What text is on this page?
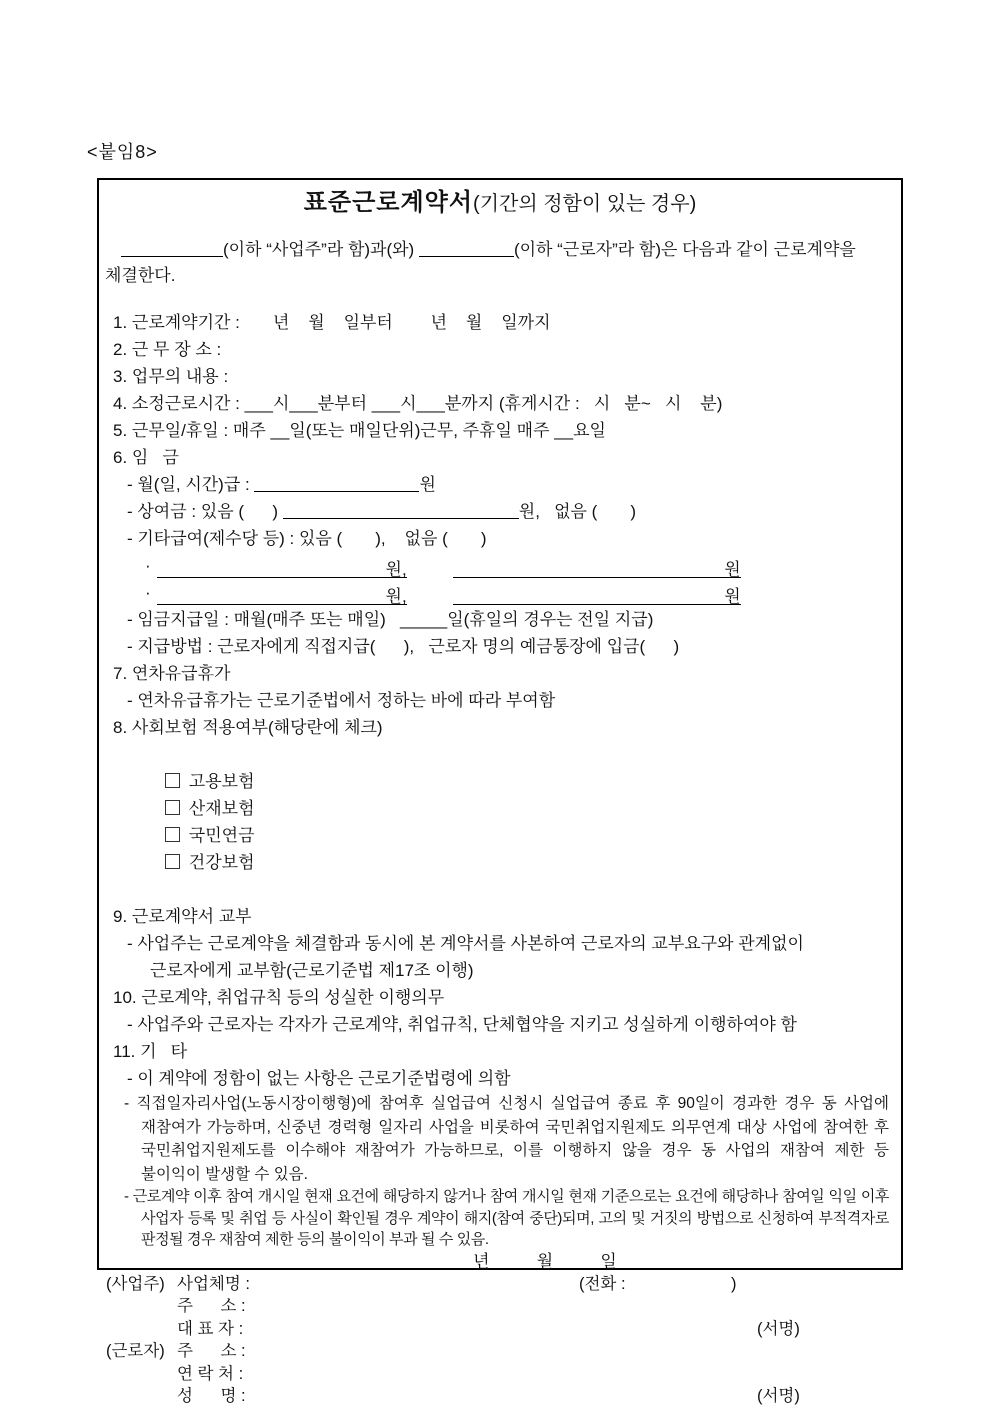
<붙임8>
표준근로계약서(기간의 정함이 있는 경우)

(이하 “사업주”라 함)과(와)	(이하 “근로자”라 함)은 다음과 같이 근로계약을 체결한다.

1. 근로계약기간 :       년    월    일부터        년    월    일까지
2. 근 무 장 소 :
3. 업무의 내용 :
4. 소정근로시간 : ___시___분부터 ___시___분까지 (휴게시간 :   시   분~   시    분)
5. 근무일/휴일 : 매주 __일(또는 매일단위)근무, 주휴일 매주 __요일
6. 임   금
- 월(일, 시간)급 :	원
- 상여금 : 있음 (      )	원,   없음 (       )
- 기타급여(제수당 등) : 있음 (       ),    없음 (       )
·	원,	원
·	원,	원
- 임금지급일 : 매월(매주 또는 매일)   _____일(휴일의 경우는 전일 지급)
- 지급방법 : 근로자에게 직접지급(      ),   근로자 명의 예금통장에 입금(      )
7. 연차유급휴가
- 연차유급휴가는 근로기준법에서 정하는 바에 따라 부여함
8. 사회보험 적용여부(해당란에 체크)

고용보험
산재보험
국민연금
건강보험

9. 근로계약서 교부
- 사업주는 근로계약을 체결함과 동시에 본 계약서를 사본하여 근로자의 교부요구와 관계없이
근로자에게 교부함(근로기준법 제17조 이행)
10. 근로계약, 취업규칙 등의 성실한 이행의무
- 사업주와 근로자는 각자가 근로계약, 취업규칙, 단체협약을 지키고 성실하게 이행하여야 함
11. 기   타
- 이 계약에 정함이 없는 사항은 근로기준법령에 의함
- 직접일자리사업(노동시장이행형)에 참여후 실업급여 신청시 실업급여 종료 후 90일이 경과한 경우 동 사업에 재참여가 가능하며, 신중년 경력형 일자리 사업을 비롯하여 국민취업지원제도 의무연계 대상 사업에 참여한 후 국민취업지원제도를 이수해야 재참여가 가능하므로, 이를 이행하지 않을 경우 동 사업의 재참여 제한 등 불이익이 발생할 수 있음.
- 근로계약 이후 참여 개시일 현재 요건에 해당하지 않거나 참여 개시일 현재 기준으로는 요건에 해당하나 참여일 익일 이후 사업자 등록 및 취업 등 사실이 확인될 경우 계약이 해지(참여 중단)되며, 고의 및 거짓의 방법으로 신청하여 부적격자로 판정될 경우 재참여 제한 등의 불이익이 부과 될 수 있음.
년          월          일
(사업주) 사업체명 :	(전화 :                       )
주      소 :
대 표 자 :	(서명)
(근로자) 주      소 :
연 락 처 :
성      명 :	(서명)
